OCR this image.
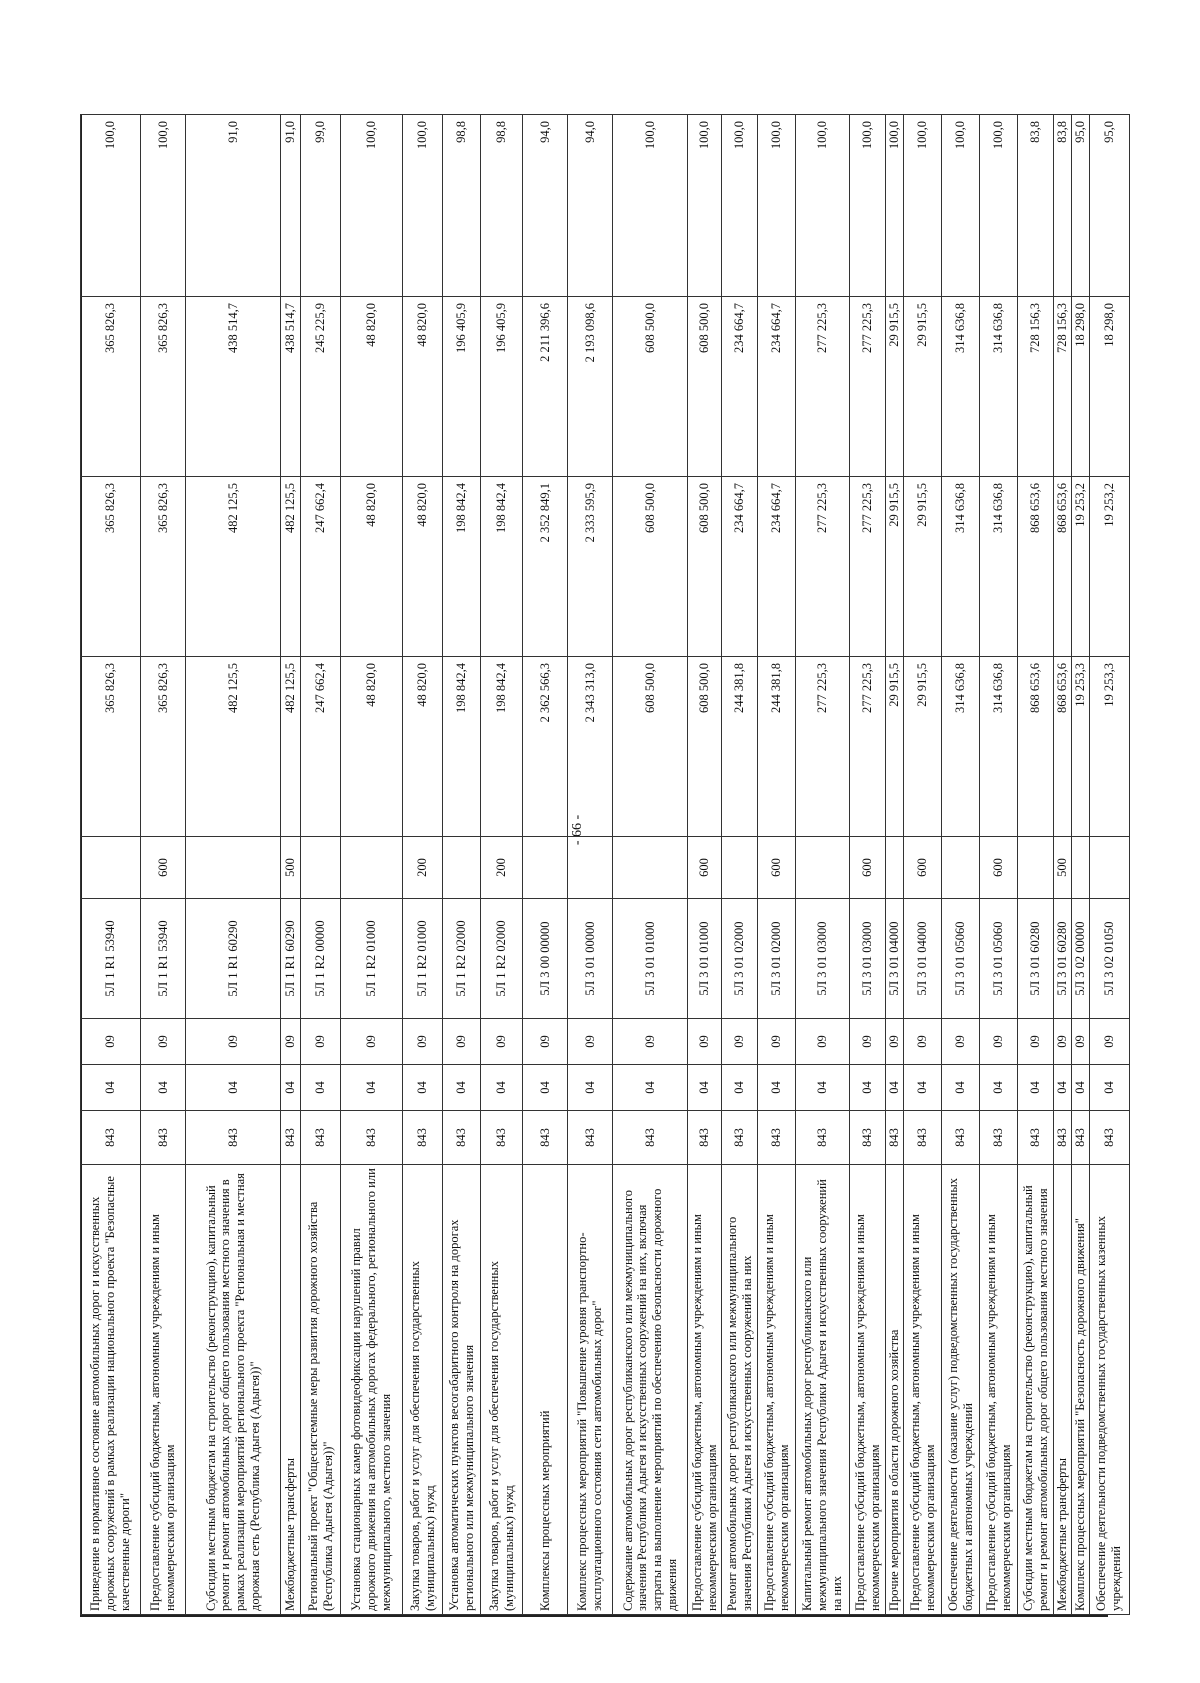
- 66 -
Приведение в нормативное состояние автомобильных дорог и искусственных дорожных сооружений в рамках реализации национального проекта "Безопасные качественные дороги"	843	04	09	5Л 1 R1 53940		365 826,3	365 826,3	365 826,3	100,0
Предоставление субсидий бюджетным, автономным учреждениям и иным некоммерческим организациям	843	04	09	5Л 1 R1 53940	600	365 826,3	365 826,3	365 826,3	100,0
Субсидии местным бюджетам на строительство (реконструкцию), капитальный ремонт и ремонт автомобильных дорог общего пользования местного значения в рамках реализации мероприятий регионального проекта "Региональная и местная дорожная сеть (Республика Адыгея (Адыгея))"	843	04	09	5Л 1 R1 60290		482 125,5	482 125,5	438 514,7	91,0
Межбюджетные трансферты	843	04	09	5Л 1 R1 60290	500	482 125,5	482 125,5	438 514,7	91,0
Региональный проект "Общесистемные меры развития дорожного хозяйства (Республика Адыгея (Адыгея))"	843	04	09	5Л 1 R2 00000		247 662,4	247 662,4	245 225,9	99,0
Установка стационарных камер фотовидеофиксации нарушений правил дорожного движения на автомобильных дорогах федерального, регионального или межмуниципального, местного значения	843	04	09	5Л 1 R2 01000		48 820,0	48 820,0	48 820,0	100,0
Закупка товаров, работ и услуг для обеспечения государственных (муниципальных) нужд	843	04	09	5Л 1 R2 01000	200	48 820,0	48 820,0	48 820,0	100,0
Установка автоматических пунктов весогабаритного контроля на дорогах регионального или межмуниципального значения	843	04	09	5Л 1 R2 02000		198 842,4	198 842,4	196 405,9	98,8
Закупка товаров, работ и услуг для обеспечения государственных (муниципальных) нужд	843	04	09	5Л 1 R2 02000	200	198 842,4	198 842,4	196 405,9	98,8
Комплексы процессных мероприятий	843	04	09	5Л 3 00 00000		2 362 566,3	2 352 849,1	2 211 396,6	94,0
Комплекс процессных мероприятий "Повышение уровня транспортно-эксплуатационного состояния сети автомобильных дорог"	843	04	09	5Л 3 01 00000		2 343 313,0	2 333 595,9	2 193 098,6	94,0
Содержание автомобильных дорог республиканского или межмуниципального значения Республики Адыгея и искусственных сооружений на них, включая затраты на выполнение мероприятий по обеспечению безопасности дорожного движения	843	04	09	5Л 3 01 01000		608 500,0	608 500,0	608 500,0	100,0
Предоставление субсидий бюджетным, автономным учреждениям и иным некоммерческим организациям	843	04	09	5Л 3 01 01000	600	608 500,0	608 500,0	608 500,0	100,0
Ремонт автомобильных дорог республиканского или межмуниципального значения Республики Адыгея и искусственных сооружений на них	843	04	09	5Л 3 01 02000		244 381,8	234 664,7	234 664,7	100,0
Предоставление субсидий бюджетным, автономным учреждениям и иным некоммерческим организациям	843	04	09	5Л 3 01 02000	600	244 381,8	234 664,7	234 664,7	100,0
Капитальный ремонт автомобильных дорог республиканского или межмуниципального значения Республики Адыгея и искусственных сооружений на них	843	04	09	5Л 3 01 03000		277 225,3	277 225,3	277 225,3	100,0
Предоставление субсидий бюджетным, автономным учреждениям и иным некоммерческим организациям	843	04	09	5Л 3 01 03000	600	277 225,3	277 225,3	277 225,3	100,0
Прочие мероприятия в области дорожного хозяйства	843	04	09	5Л 3 01 04000		29 915,5	29 915,5	29 915,5	100,0
Предоставление субсидий бюджетным, автономным учреждениям и иным некоммерческим организациям	843	04	09	5Л 3 01 04000	600	29 915,5	29 915,5	29 915,5	100,0
Обеспечение деятельности (оказание услуг) подведомственных государственных бюджетных и автономных учреждений	843	04	09	5Л 3 01 05060		314 636,8	314 636,8	314 636,8	100,0
Предоставление субсидий бюджетным, автономным учреждениям и иным некоммерческим организациям	843	04	09	5Л 3 01 05060	600	314 636,8	314 636,8	314 636,8	100,0
Субсидии местным бюджетам на строительство (реконструкцию), капитальный ремонт и ремонт автомобильных дорог общего пользования местного значения	843	04	09	5Л 3 01 60280		868 653,6	868 653,6	728 156,3	83,8
Межбюджетные трансферты	843	04	09	5Л 3 01 60280	500	868 653,6	868 653,6	728 156,3	83,8
Комплекс процессных мероприятий "Безопасность дорожного движения"	843	04	09	5Л 3 02 00000		19 253,3	19 253,2	18 298,0	95,0
Обеспечение деятельности подведомственных государственных казенных учреждений	843	04	09	5Л 3 02 01050		19 253,3	19 253,2	18 298,0	95,0
